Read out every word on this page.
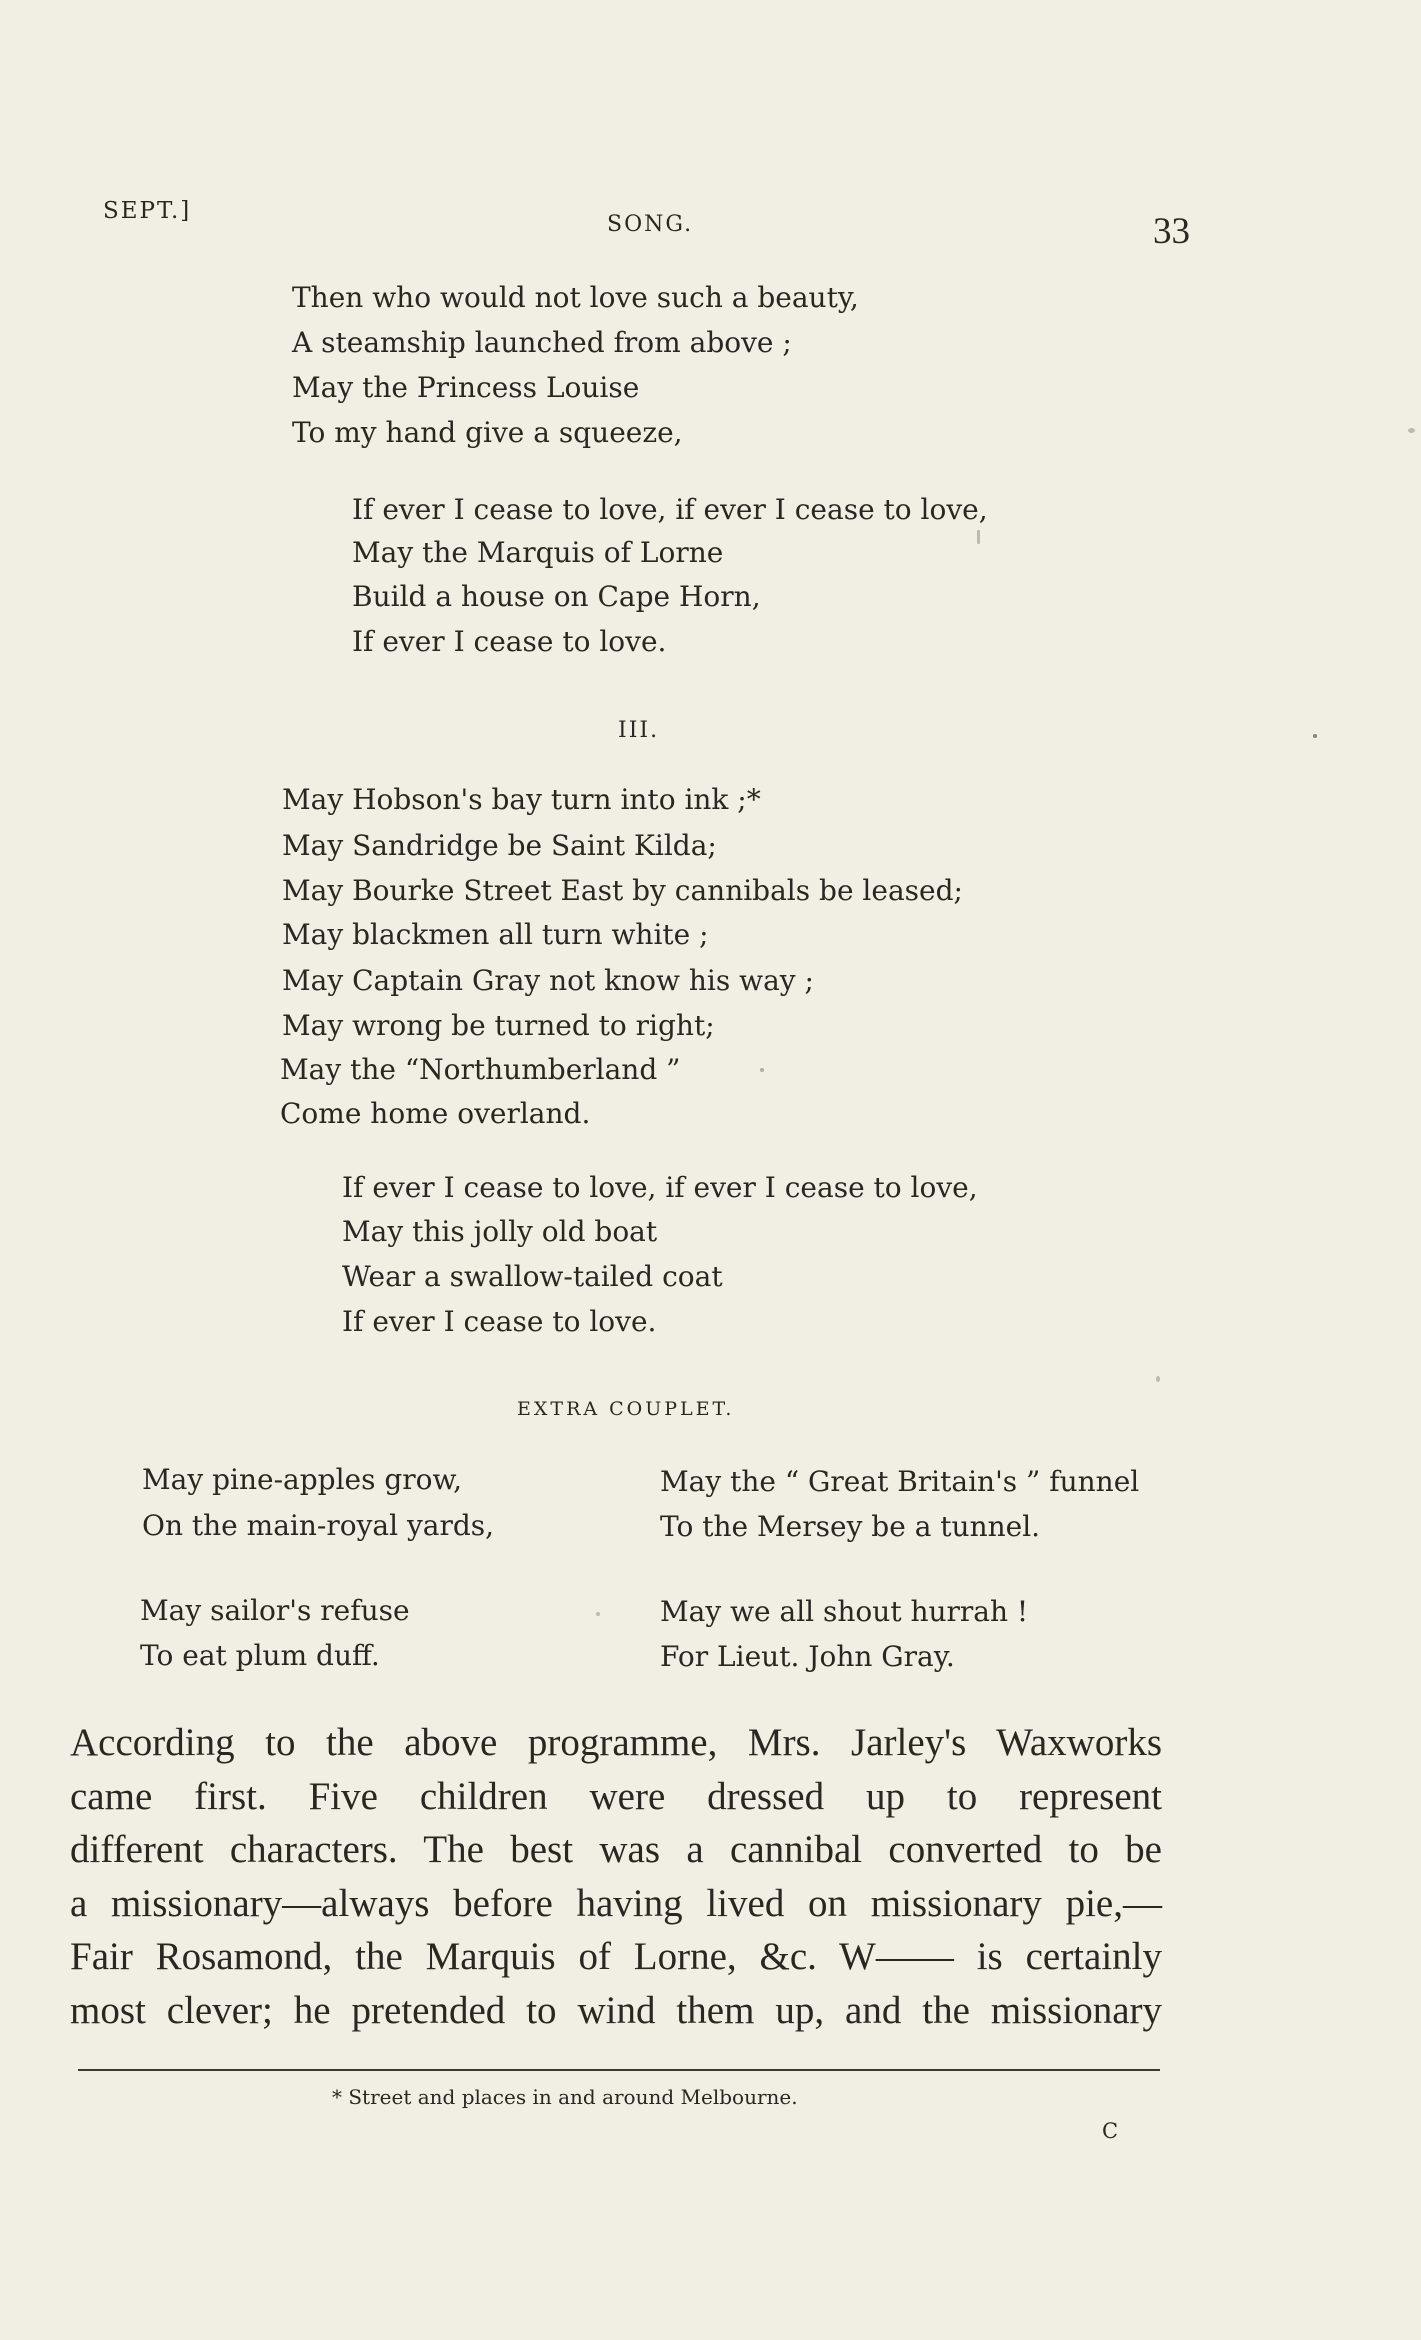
SEPT.]
SONG.	33
Then who would not love such a beauty,
A steamship launched from above ;
May the Princess Louise
To my hand give a squeeze,
If ever I cease to love, if ever I cease to love,
May the Marquis of Lorne
Build a house on Cape Horn,
If ever I cease to love.
III.
May Hobson's bay turn into ink ;*
May Sandridge be Saint Kilda;
May Bourke Street East by cannibals be leased;
May blackmen all turn white ;
May Captain Gray not know his way ;
May wrong be turned to right;
May the “Northumberland ”
Come home overland.
If ever I cease to love, if ever I cease to love,
May this jolly old boat
Wear a swallow-tailed coat
If ever I cease to love.
EXTRA COUPLET.
May pine-apples grow,
On the main-royal yards,
May sailor's refuse
To eat plum duff.
May the “ Great Britain's ” funnel
To the Mersey be a tunnel.
May we all shout hurrah !
For Lieut. John Gray.
According to the above programme, Mrs. Jarley's Waxworks
came first. Five children were dressed up to represent
different characters. The best was a cannibal converted to be
a missionary—always before having lived on missionary pie,—
Fair Rosamond, the Marquis of Lorne, &c. W—— is certainly
most clever; he pretended to wind them up, and the missionary
* Street and places in and around Melbourne.
C
